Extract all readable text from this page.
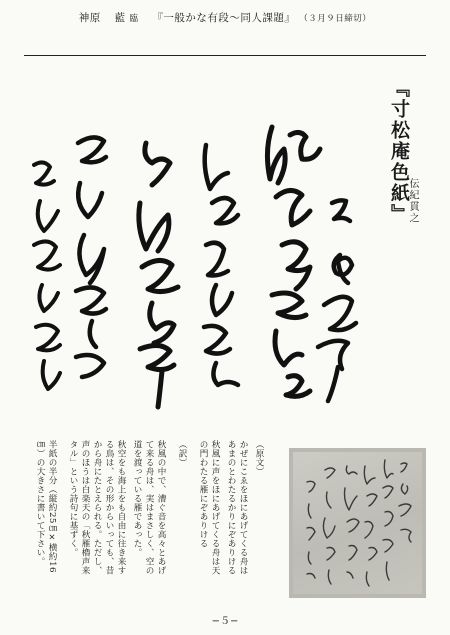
神原 藍 臨 『一般かな有段〜同人課題』 （３月９日締切）
『寸松庵色紙』
伝紀貫之

（原文）

かぜにこゑをほにあげてくる舟はあまのとわたるかりにぞありける

秋風に声をほにあげてくる舟は天の門わたる雁にぞありける

（訳）

秋風の中で、漕ぐ音を高々とあげて来る舟は、実はまさしく、空の道を渡っている雁であった。

秋空をも海上をも自由に往き来する鳥は、その形からいっても、昔から舟にたとえられる。ただし、声のほうは白楽天の「秋雁櫓声来タル」という詩句に基ずく。

半紙の半分（縦約25㎝×横約16㎝）の大きさに書いて下さい。

−５−
